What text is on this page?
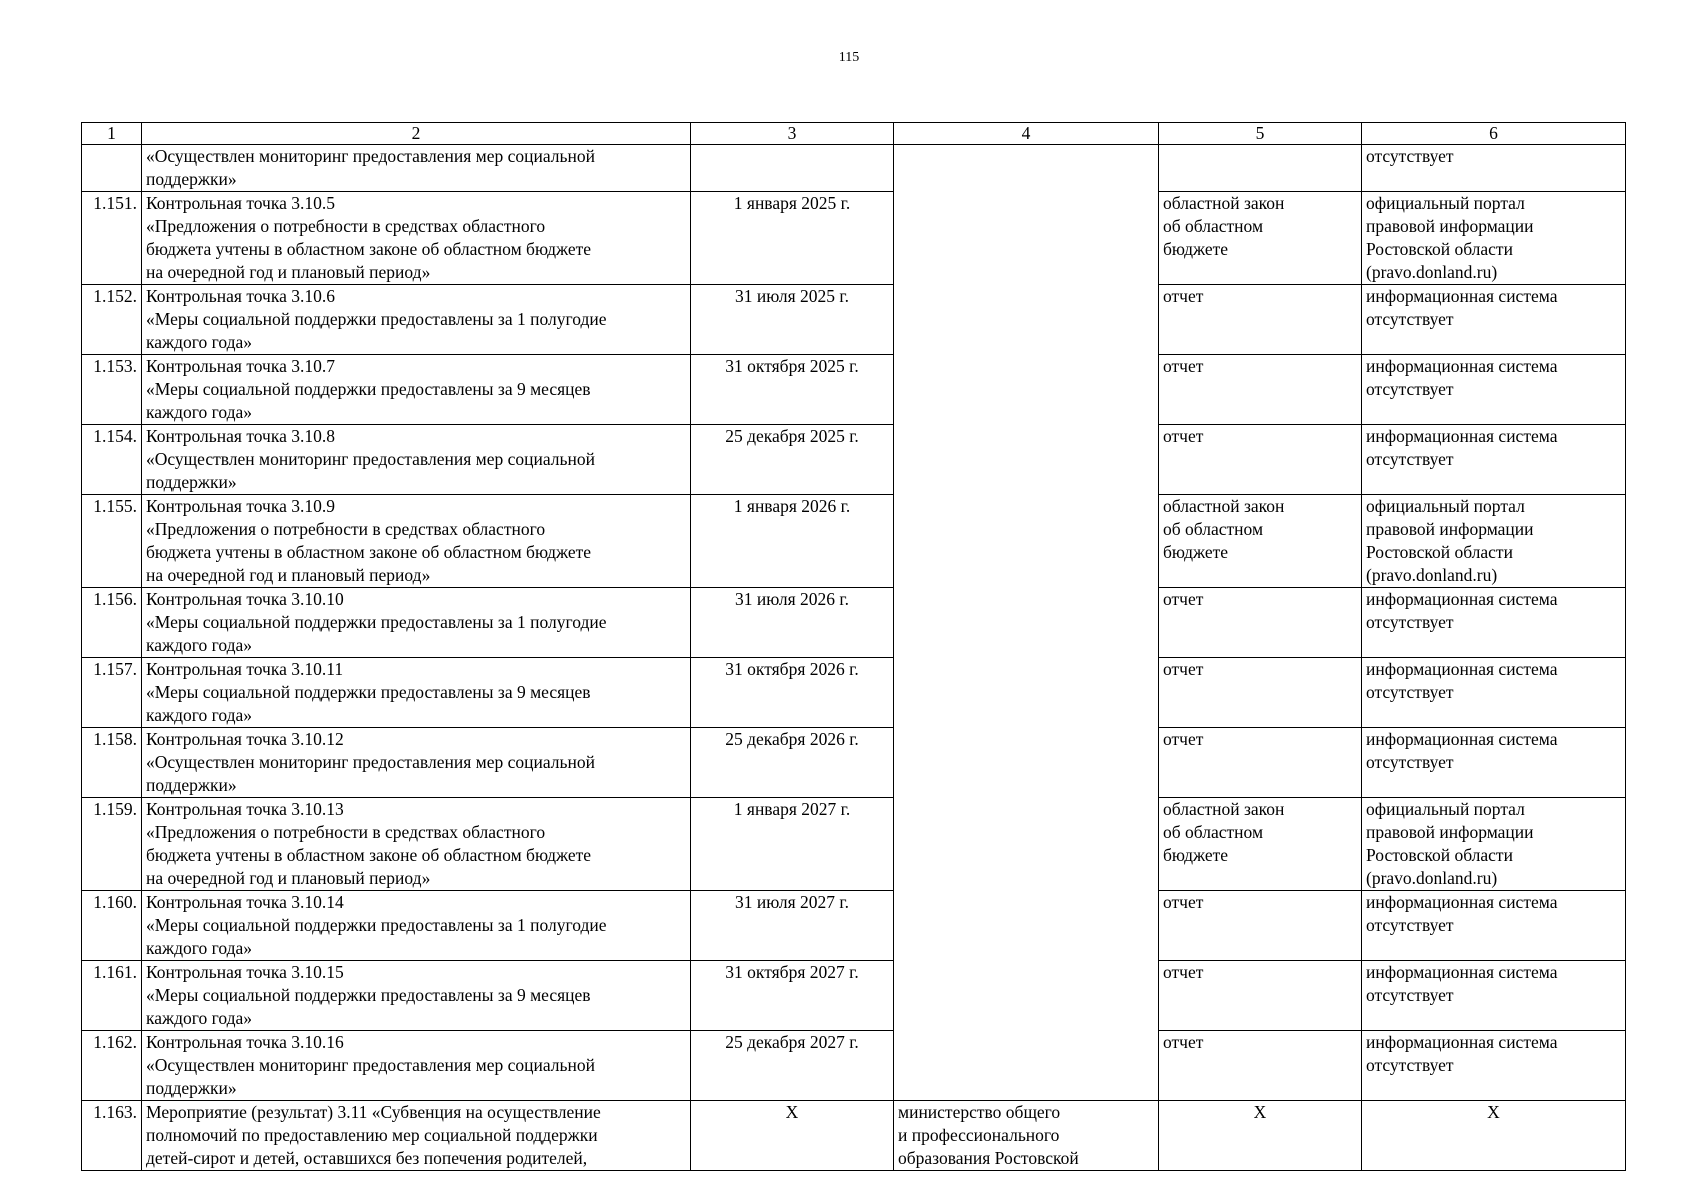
115
1	2	3	4	5	6
	«Осуществлен мониторинг предоставления мер социальной
поддержки»				отсутствует
1.151.	Контрольная точка 3.10.5
«Предложения о потребности в средствах областного
бюджета учтены в областном законе об областном бюджете
на очередной год и плановый период»	1 января 2025 г.		областной закон
об областном
бюджете	официальный портал
правовой информации
Ростовской области
(pravo.donland.ru)
1.152.	Контрольная точка 3.10.6
«Меры социальной поддержки предоставлены за 1 полугодие
каждого года»	31 июля 2025 г.		отчет	информационная система
отсутствует
1.153.	Контрольная точка 3.10.7
«Меры социальной поддержки предоставлены за 9 месяцев
каждого года»	31 октября 2025 г.		отчет	информационная система
отсутствует
1.154.	Контрольная точка 3.10.8
«Осуществлен мониторинг предоставления мер социальной
поддержки»	25 декабря 2025 г.		отчет	информационная система
отсутствует
1.155.	Контрольная точка 3.10.9
«Предложения о потребности в средствах областного
бюджета учтены в областном законе об областном бюджете
на очередной год и плановый период»	1 января 2026 г.		областной закон
об областном
бюджете	официальный портал
правовой информации
Ростовской области
(pravo.donland.ru)
1.156.	Контрольная точка 3.10.10
«Меры социальной поддержки предоставлены за 1 полугодие
каждого года»	31 июля 2026 г.		отчет	информационная система
отсутствует
1.157.	Контрольная точка 3.10.11
«Меры социальной поддержки предоставлены за 9 месяцев
каждого года»	31 октября 2026 г.		отчет	информационная система
отсутствует
1.158.	Контрольная точка 3.10.12
«Осуществлен мониторинг предоставления мер социальной
поддержки»	25 декабря 2026 г.		отчет	информационная система
отсутствует
1.159.	Контрольная точка 3.10.13
«Предложения о потребности в средствах областного
бюджета учтены в областном законе об областном бюджете
на очередной год и плановый период»	1 января 2027 г.		областной закон
об областном
бюджете	официальный портал
правовой информации
Ростовской области
(pravo.donland.ru)
1.160.	Контрольная точка 3.10.14
«Меры социальной поддержки предоставлены за 1 полугодие
каждого года»	31 июля 2027 г.		отчет	информационная система
отсутствует
1.161.	Контрольная точка 3.10.15
«Меры социальной поддержки предоставлены за 9 месяцев
каждого года»	31 октября 2027 г.		отчет	информационная система
отсутствует
1.162.	Контрольная точка 3.10.16
«Осуществлен мониторинг предоставления мер социальной
поддержки»	25 декабря 2027 г.		отчет	информационная система
отсутствует
1.163.	Мероприятие (результат) 3.11 «Субвенция на осуществление
полномочий по предоставлению мер социальной поддержки
детей-сирот и детей, оставшихся без попечения родителей,	X	министерство общего
и профессионального
образования Ростовской	X	X
